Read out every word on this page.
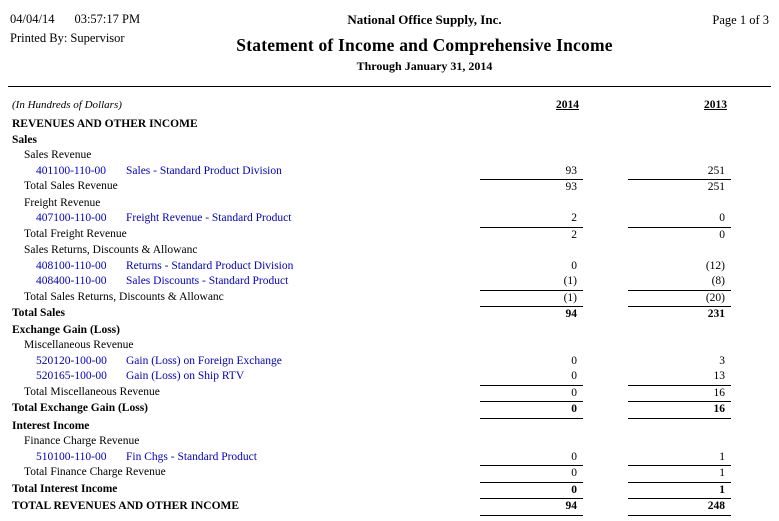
04/04/14 03:57:17 PM
Printed By: Supervisor
National Office Supply, Inc.
Statement of Income and Comprehensive Income
Through January 31, 2014
Page 1 of 3
(In Hundreds of Dollars)	2014	2013
REVENUES AND OTHER INCOME
Sales
Sales Revenue
401100-110-00 Sales - Standard Product Division	93	251
Total Sales Revenue	93	251
Freight Revenue
407100-110-00 Freight Revenue - Standard Product	2	0
Total Freight Revenue	2	0
Sales Returns, Discounts & Allowanc
408100-110-00 Returns - Standard Product Division	0	(12)
408400-110-00 Sales Discounts - Standard Product	(1)	(8)
Total Sales Returns, Discounts & Allowanc	(1)	(20)
Total Sales	94	231
Exchange Gain (Loss)
Miscellaneous Revenue
520120-100-00 Gain (Loss) on Foreign Exchange	0	3
520165-100-00 Gain (Loss) on Ship RTV	0	13
Total Miscellaneous Revenue	0	16
Total Exchange Gain (Loss)	0	16
Interest Income
Finance Charge Revenue
510100-110-00 Fin Chgs - Standard Product	0	1
Total Finance Charge Revenue	0	1
Total Interest Income	0	1
TOTAL REVENUES AND OTHER INCOME	94	248
